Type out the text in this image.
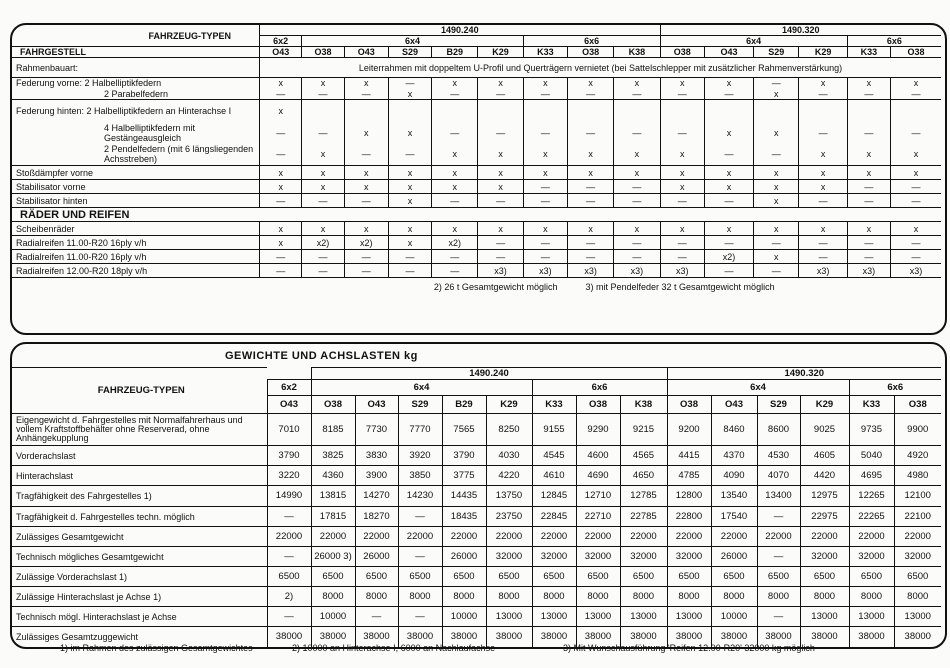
FAHRZEUG-TYPEN	1490.240									1490.320					
	6x2	6x4					6x6			6x4				6x6	
FAHRGESTELL	O43	O38	O43	S29	B29	K29	K33	O38	K38	O38	O43	S29	K29	K33	O38
Rahmenbauart:	Leiterrahmen mit doppeltem U-Profil und Querträgern vernietet (bei Sattelschlepper mit zusätzlicher Rahmenverstärkung)														
Federung vorne: 2 Halbelliptikfedern	x	x	x	—	x	x	x	x	x	x	x	—	x	x	x
2 Parabelfedern	—	—	—	x	—	—	—	—	—	—	—	x	—	—	—
Federung hinten: 2 Halbelliptikfedern an Hinterachse I	x														
4 Halbelliptikfedern mit Gestängeausgleich	—	—	x	x	—	—	—	—	—	—	x	x	—	—	—
2 Pendelfedern (mit 6 längsliegenden Achsstreben)	—	x	—	—	x	x	x	x	x	x	—	—	x	x	x
Stoßdämpfer vorne	x	x	x	x	x	x	x	x	x	x	x	x	x	x	x
Stabilisator vorne	x	x	x	x	x	x	—	—	—	x	x	x	x	—	—
Stabilisator hinten	—	—	—	x	—	—	—	—	—	—	—	x	—	—	—
RÄDER UND REIFEN															
Scheibenräder	x	x	x	x	x	x	x	x	x	x	x	x	x	x	x
Radialreifen 11.00-R20 16ply v/h	x	x2)	x2)	x	x2)	—	—	—	—	—	—	—	—	—	—
Radialreifen 11.00-R20 16ply v/h	—	—	—	—	—	—	—	—	—	—	x2)	x	—	—	—
Radialreifen 12.00-R20 18ply v/h	—	—	—	—	—	x3)	x3)	x3)	x3)	x3)	—	—	x3)	x3)	x3)
	2) 26 t Gesamtgewicht möglich							3) mit Pendelfeder 32 t Gesamtgewicht möglich							
GEWICHTE UND ACHSLASTEN kg
FAHRZEUG-TYPEN		1490.240								1490.320					
	6x2	6x4					6x6			6x4				6x6	
	O43	O38	O43	S29	B29	K29	K33	O38	K38	O38	O43	S29	K29	K33	O38
Eigengewicht d. Fahrgestelles mit Normalfahrerhaus und vollem Kraftstoffbehälter ohne Reserverad, ohne Anhängekupplung	7010	8185	7730	7770	7565	8250	9155	9290	9215	9200	8460	8600	9025	9735	9900
Vorderachslast	3790	3825	3830	3920	3790	4030	4545	4600	4565	4415	4370	4530	4605	5040	4920
Hinterachslast	3220	4360	3900	3850	3775	4220	4610	4690	4650	4785	4090	4070	4420	4695	4980
Tragfähigkeit des Fahrgestelles 1)	14990	13815	14270	14230	14435	13750	12845	12710	12785	12800	13540	13400	12975	12265	12100
Tragfähigkeit d. Fahrgestelles techn. möglich	—	17815	18270	—	18435	23750	22845	22710	22785	22800	17540	—	22975	22265	22100
Zulässiges Gesamtgewicht	22000	22000	22000	22000	22000	22000	22000	22000	22000	22000	22000	22000	22000	22000	22000
Technisch mögliches Gesamtgewicht	—	26000 3)	26000	—	26000	32000	32000	32000	32000	32000	26000	—	32000	32000	32000
Zulässige Vorderachslast 1)	6500	6500	6500	6500	6500	6500	6500	6500	6500	6500	6500	6500	6500	6500	6500
Zulässige Hinterachslast je Achse 1)	2)	8000	8000	8000	8000	8000	8000	8000	8000	8000	8000	8000	8000	8000	8000
Technisch mögl. Hinterachslast je Achse	—	10000	—	—	10000	13000	13000	13000	13000	13000	10000	—	13000	13000	13000
Zulässiges Gesamtzuggewicht	38000	38000	38000	38000	38000	38000	38000	38000	38000	38000	38000	38000	38000	38000	38000
1) im Rahmen des zulässigen Gesamtgewichtes	2) 10000 an Hinterachse I, 6000 an Nachlaufachse	3) Mit Wunschausführung 'Reifen 12.00-R20' 32000 kg möglich
